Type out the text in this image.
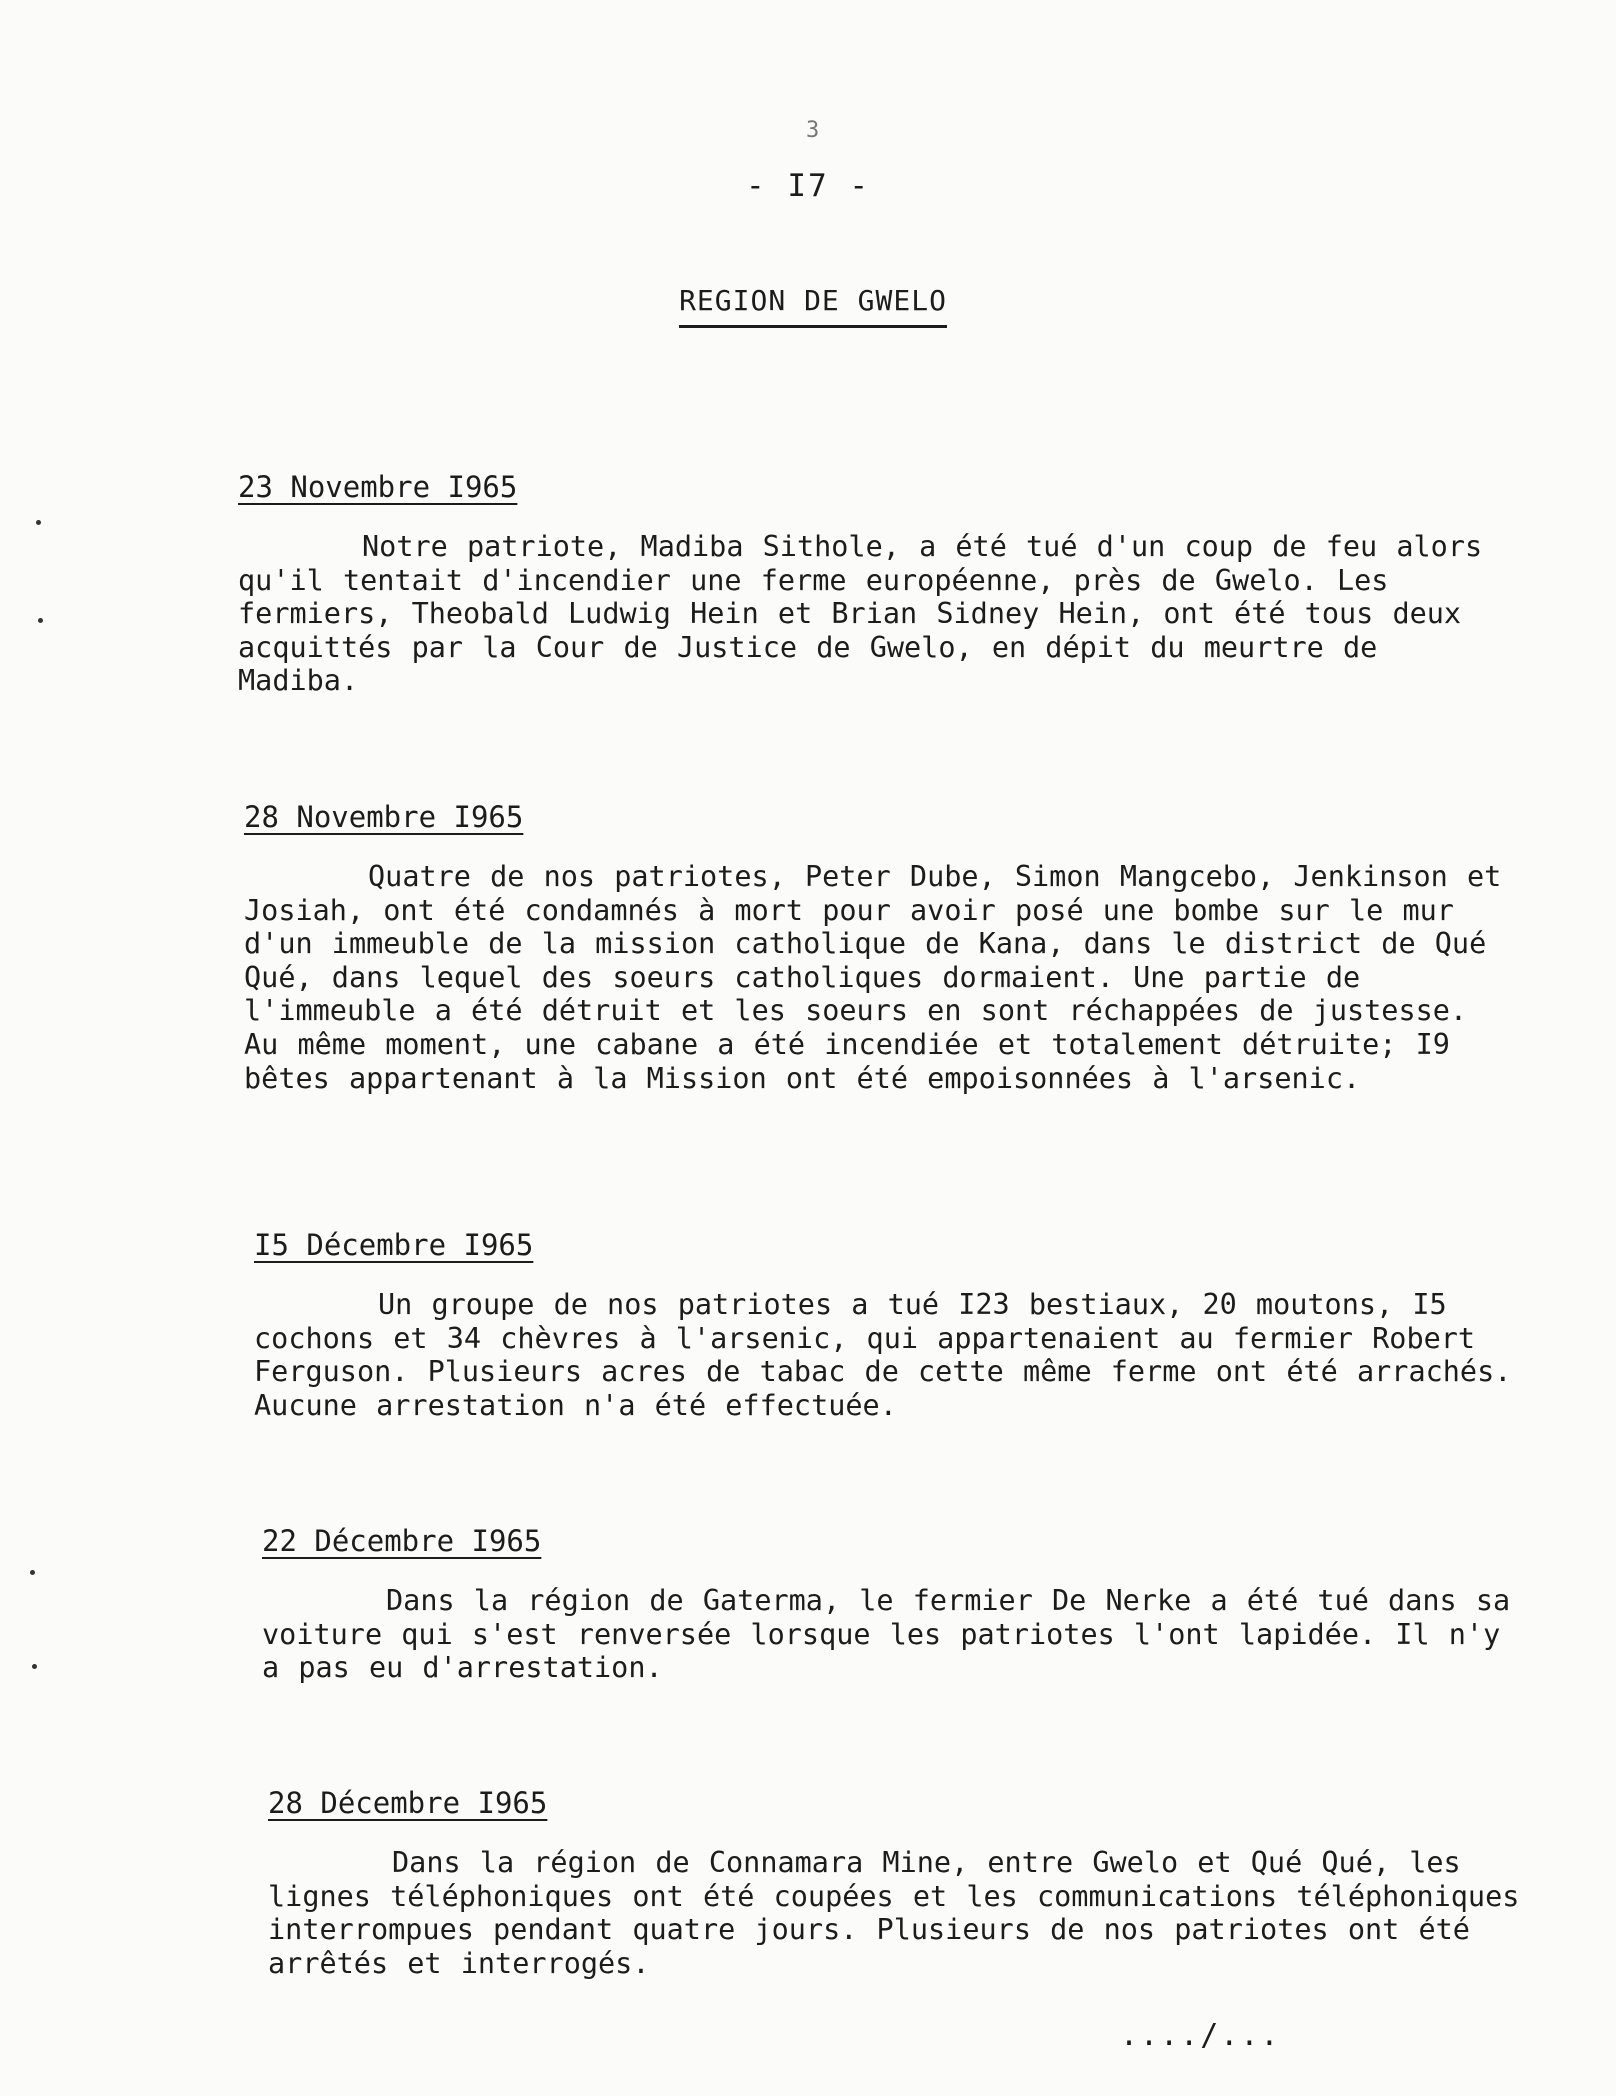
3
- I7 -
REGION DE GWELO
23 Novembre I965

Notre patriote, Madiba Sithole, a été tué d'un coup de feu alors qu'il tentait d'incendier une ferme européenne, près de Gwelo. Les fermiers, Theobald Ludwig Hein et Brian Sidney Hein, ont été tous deux acquittés par la Cour de Justice de Gwelo, en dépit du meurtre de Madiba.

28 Novembre I965

Quatre de nos patriotes, Peter Dube, Simon Mangcebo, Jenkinson et Josiah, ont été condamnés à mort pour avoir posé une bombe sur le mur d'un immeuble de la mission catholique de Kana, dans le district de Qué Qué, dans lequel des soeurs catholiques dormaient. Une partie de l'immeuble a été détruit et les soeurs en sont réchappées de justesse. Au même moment, une cabane a été incendiée et totalement détruite; I9 bêtes appartenant à la Mission ont été empoisonnées à l'arsenic.

I5 Décembre I965

Un groupe de nos patriotes a tué I23 bestiaux, 20 moutons, I5 cochons et 34 chèvres à l'arsenic, qui appartenaient au fermier Robert Ferguson. Plusieurs acres de tabac de cette même ferme ont été arrachés. Aucune arrestation n'a été effectuée.

22 Décembre I965

Dans la région de Gaterma, le fermier De Nerke a été tué dans sa voiture qui s'est renversée lorsque les patriotes l'ont lapidée. Il n'y a pas eu d'arrestation.

28 Décembre I965

Dans la région de Connamara Mine, entre Gwelo et Qué Qué, les lignes téléphoniques ont été coupées et les communications téléphoniques interrompues pendant quatre jours. Plusieurs de nos patriotes ont été arrêtés et interrogés.

..../...
